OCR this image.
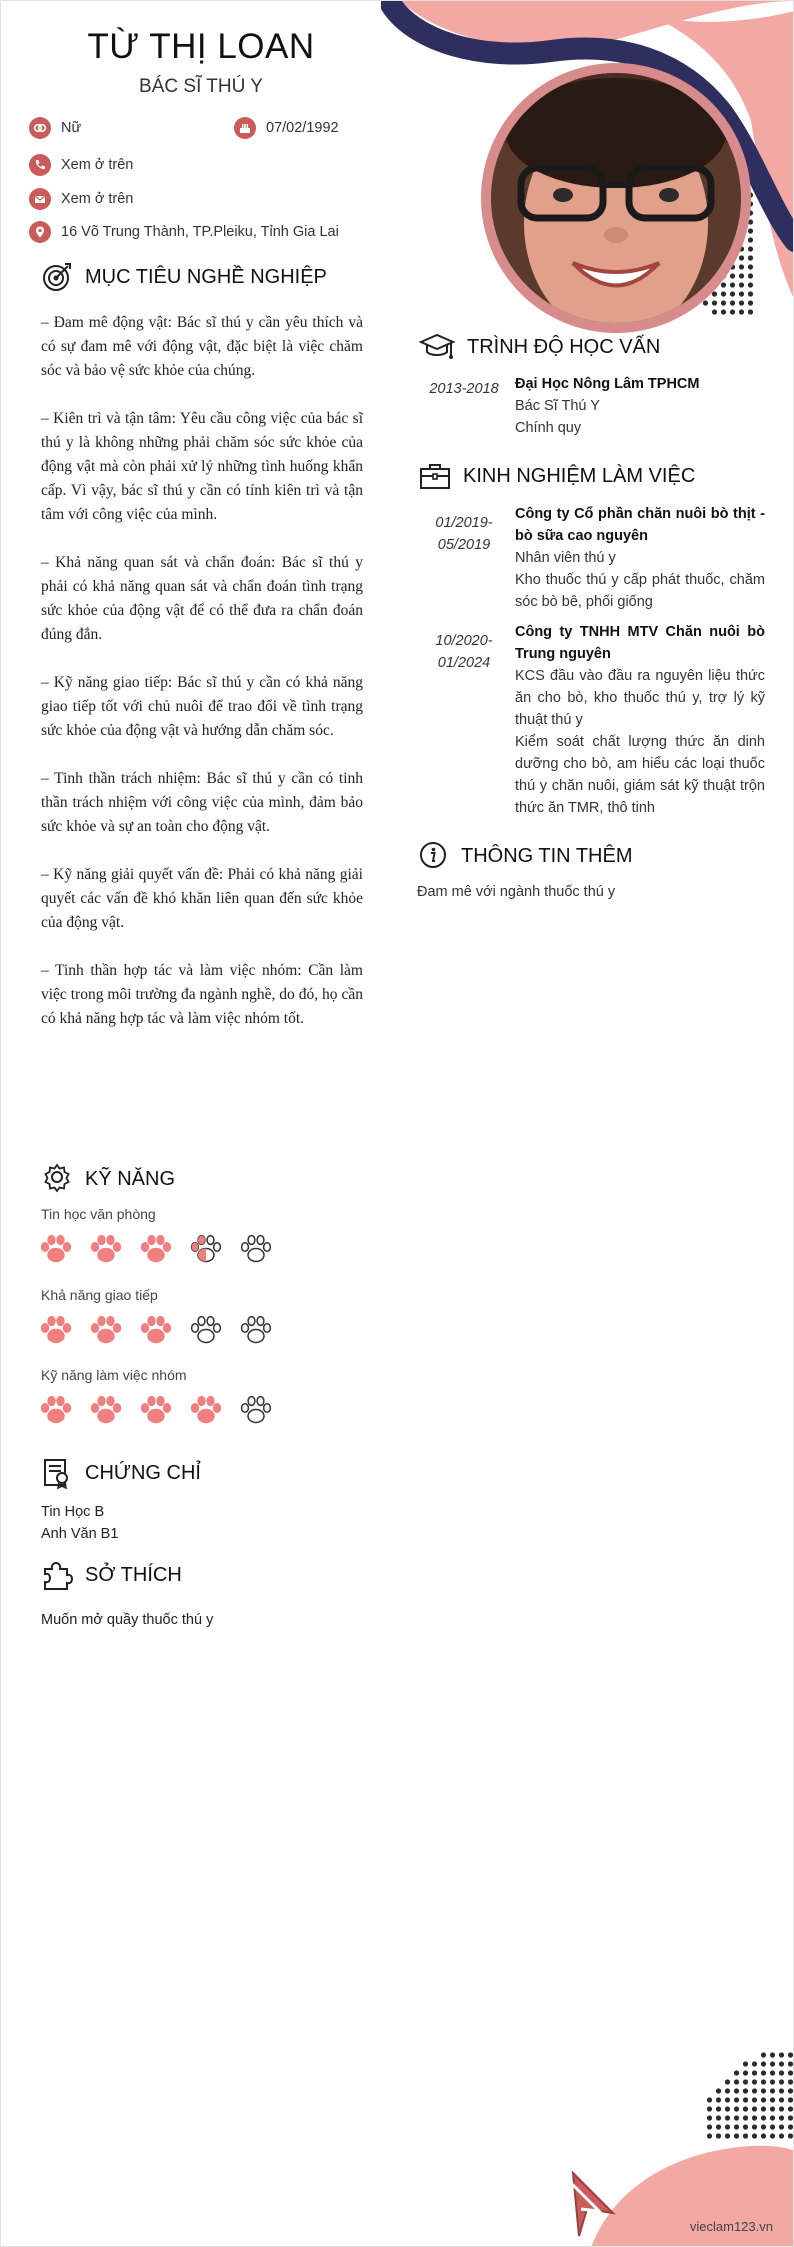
TỪ THỊ LOAN
BÁC SĨ THÚ Y
Nữ	07/02/1992
Xem ở trên
Xem ở trên
16 Võ Trung Thành, TP.Pleiku, Tỉnh Gia Lai
MỤC TIÊU NGHỀ NGHIỆP

– Đam mê động vật: Bác sĩ thú y cần yêu thích và có sự đam mê với động vật, đặc biệt là việc chăm sóc và bảo vệ sức khỏe của chúng.

– Kiên trì và tận tâm: Yêu cầu công việc của bác sĩ thú y là không những phải chăm sóc sức khỏe của động vật mà còn phải xử lý những tình huống khẩn cấp. Vì vậy, bác sĩ thú y cần có tính kiên trì và tận tâm với công việc của mình.

– Khả năng quan sát và chẩn đoán: Bác sĩ thú y phải có khả năng quan sát và chẩn đoán tình trạng sức khỏe của động vật để có thể đưa ra chẩn đoán đúng đắn.

– Kỹ năng giao tiếp: Bác sĩ thú y cần có khả năng giao tiếp tốt với chủ nuôi để trao đổi về tình trạng sức khỏe của động vật và hướng dẫn chăm sóc.

– Tinh thần trách nhiệm: Bác sĩ thú y cần có tinh thần trách nhiệm với công việc của mình, đảm bảo sức khỏe và sự an toàn cho động vật.

– Kỹ năng giải quyết vấn đề: Phải có khả năng giải quyết các vấn đề khó khăn liên quan đến sức khỏe của động vật.

– Tinh thần hợp tác và làm việc nhóm: Cần làm việc trong môi trường đa ngành nghề, do đó, họ cần có khả năng hợp tác và làm việc nhóm tốt.

KỸ NĂNG
Tin học văn phòng
Khả năng giao tiếp
Kỹ năng làm việc nhóm
CHỨNG CHỈ
Tin Học B
Anh Văn B1
SỞ THÍCH
Muốn mở quầy thuốc thú y
TRÌNH ĐỘ HỌC VẤN
2013-2018	Đại Học Nông Lâm TPHCM
Bác Sĩ Thú Y
Chính quy
KINH NGHIỆM LÀM VIỆC
01/2019-
05/2019
Công ty Cổ phần chăn nuôi bò thịt - bò sữa cao nguyên
Nhân viên thú y
Kho thuốc thú y cấp phát thuốc, chăm sóc bò bê, phối giống
10/2020-
01/2024
Công ty TNHH MTV Chăn nuôi bò Trung nguyên
KCS đầu vào đầu ra nguyên liệu thức ăn cho bò, kho thuốc thú y, trợ lý kỹ thuật thú y
Kiểm soát chất lượng thức ăn dinh dưỡng cho bò, am hiểu các loại thuốc thú y chăn nuôi, giám sát kỹ thuật trộn thức ăn TMR, thô tinh
THÔNG TIN THÊM
Đam mê với ngành thuốc thú y
vieclam123.vn
